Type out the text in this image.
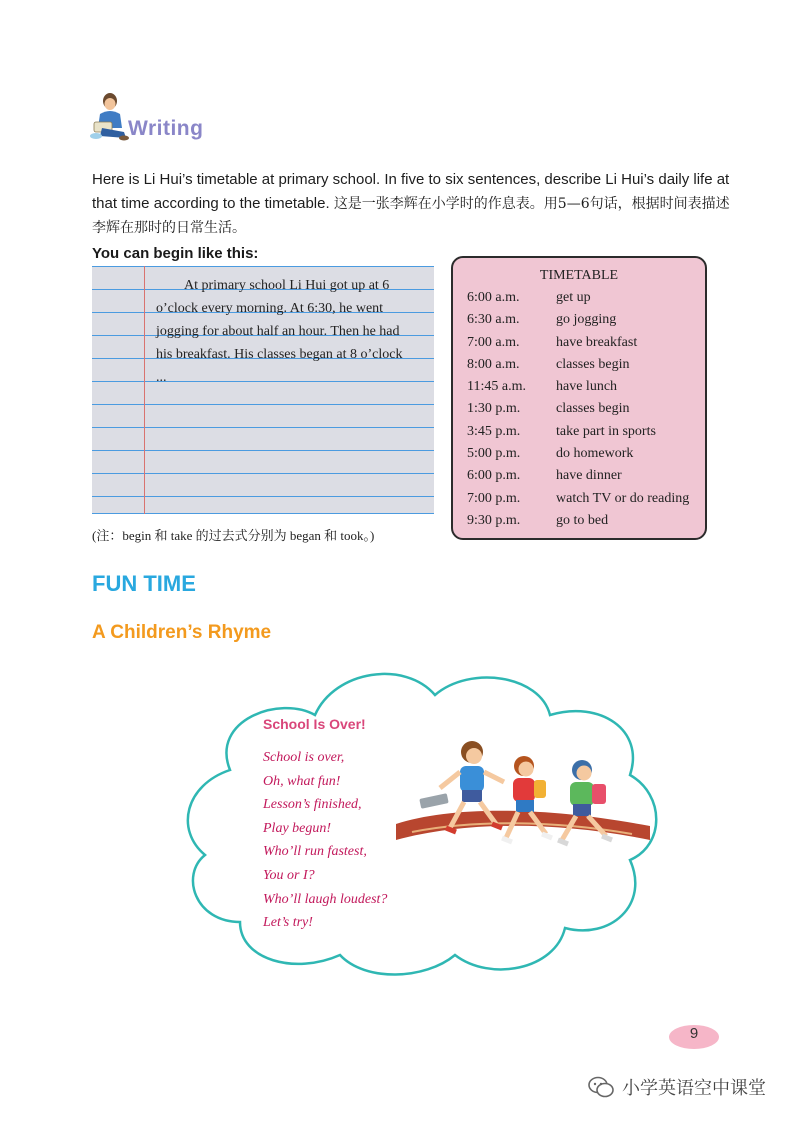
Writing

Here is Li Hui’s timetable at primary school. In five to six sentences, describe Li Hui’s daily life at that time according to the timetable. 这是一张李辉在小学时的作息表。用5—6句话，根据时间表描述李辉在那时的日常生活。

You can begin like this:
At primary school Li Hui got up at 6
o’clock every morning. At 6:30, he went
jogging for about half an hour. Then he had
his breakfast. His classes began at 8 o’clock
...
(注：begin 和 take 的过去式分别为 began 和 took。)
TIMETABLE
6:00 a.m.	get up
6:30 a.m.	go jogging
7:00 a.m.	have breakfast
8:00 a.m.	classes begin
11:45 a.m. have lunch
1:30 p.m.	classes begin
3:45 p.m.	take part in sports
5:00 p.m.	do homework
6:00 p.m.	have dinner
7:00 p.m.	watch TV or do reading
9:30 p.m.	go to bed
FUN TIME
A Children’s Rhyme
School Is Over!
School is over,
Oh, what fun!
Lesson’s finished,
Play begun!
Who’ll run fastest,
You or I?
Who’ll laugh loudest?
Let’s try!
9
小学英语空中课堂
